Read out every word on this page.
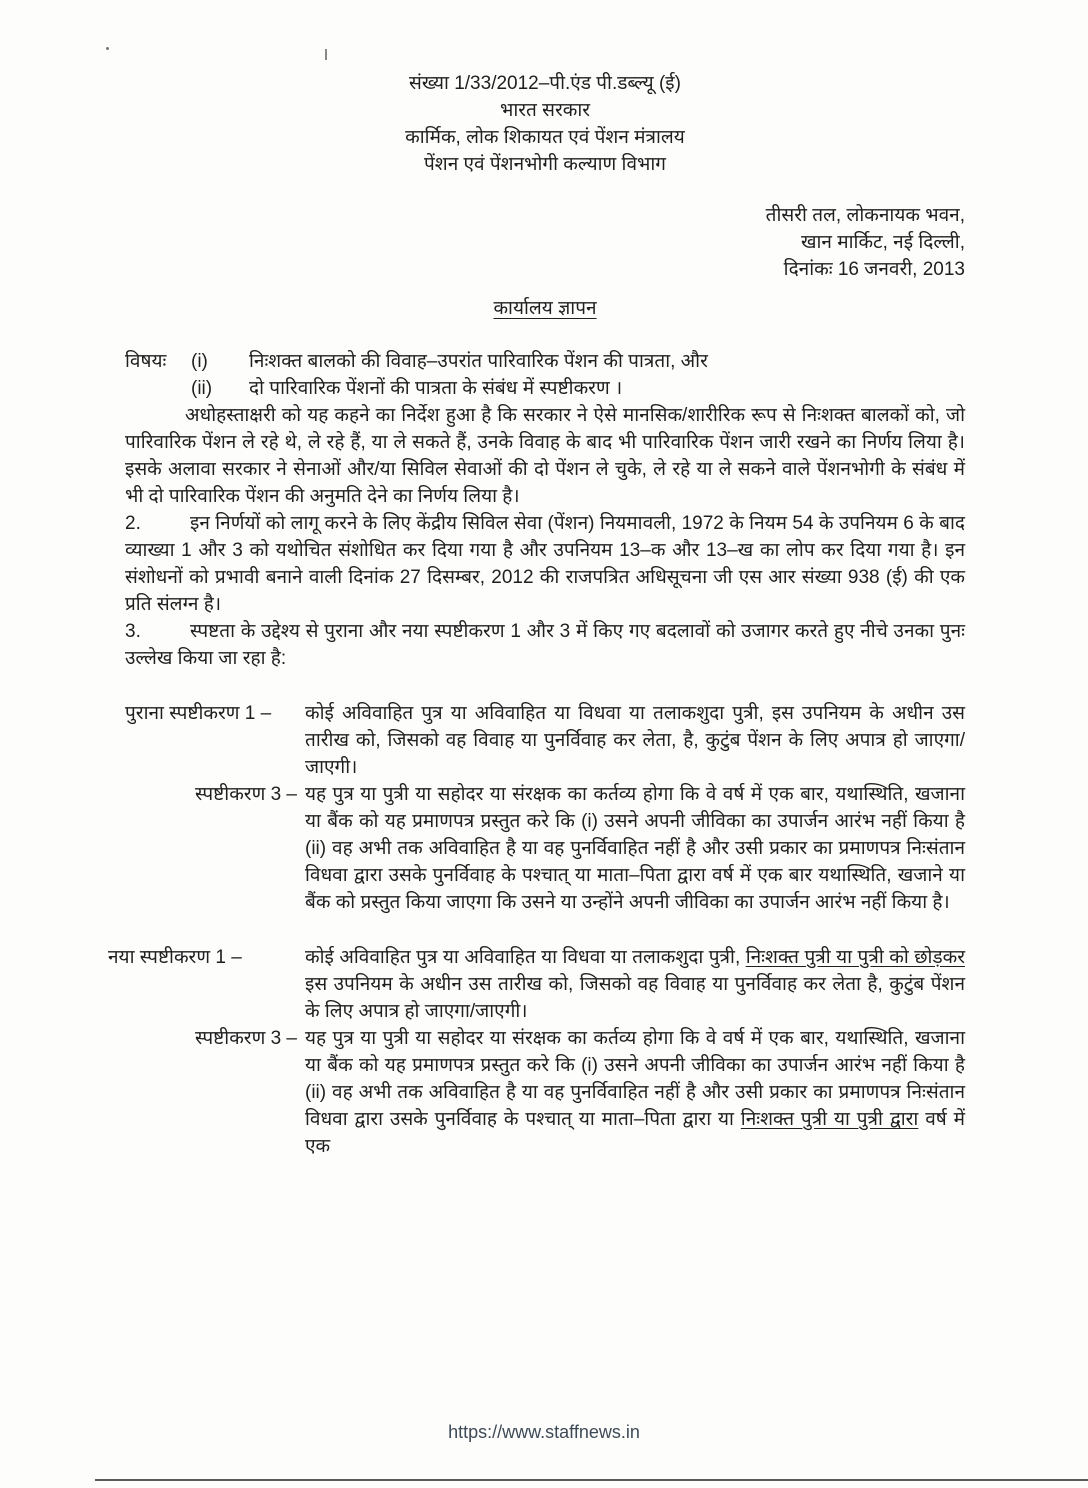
संख्या 1/33/2012–पी.एंड पी.डब्ल्यू (ई)
भारत सरकार
कार्मिक, लोक शिकायत एवं पेंशन मंत्रालय
पेंशन एवं पेंशनभोगी कल्याण विभाग
तीसरी तल, लोकनायक भवन,
खान मार्किट, नई दिल्ली,
दिनांकः 16 जनवरी, 2013
कार्यालय ज्ञापन
विषयः	(i)	निःशक्त बालको की विवाह–उपरांत पारिवारिक पेंशन की पात्रता, और
(ii)	दो पारिवारिक पेंशनों की पात्रता के संबंध में स्पष्टीकरण ।

अधोहस्ताक्षरी को यह कहने का निर्देश हुआ है कि सरकार ने ऐसे मानसिक/शारीरिक रूप से निःशक्त बालकों को, जो पारिवारिक पेंशन ले रहे थे, ले रहे हैं, या ले सकते हैं, उनके विवाह के बाद भी पारिवारिक पेंशन जारी रखने का निर्णय लिया है। इसके अलावा सरकार ने सेनाओं और/या सिविल सेवाओं की दो पेंशन ले चुके, ले रहे या ले सकने वाले पेंशनभोगी के संबंध में भी दो पारिवारिक पेंशन की अनुमति देने का निर्णय लिया है।

2.	इन निर्णयों को लागू करने के लिए केंद्रीय सिविल सेवा (पेंशन) नियमावली, 1972 के नियम 54 के उपनियम 6 के बाद व्याख्या 1 और 3 को यथोचित संशोधित कर दिया गया है और उपनियम 13–क और 13–ख का लोप कर दिया गया है। इन संशोधनों को प्रभावी बनाने वाली दिनांक 27 दिसम्बर, 2012 की राजपत्रित अधिसूचना जी एस आर संख्या 938 (ई) की एक प्रति संलग्न है।

3.	स्पष्टता के उद्देश्य से पुराना और नया स्पष्टीकरण 1 और 3 में किए गए बदलावों को उजागर करते हुए नीचे उनका पुनः उल्लेख किया जा रहा है:

पुराना स्पष्टीकरण 1 – कोई अविवाहित पुत्र या अविवाहित या विधवा या तलाकशुदा पुत्री, इस उपनियम के अधीन उस तारीख को, जिसको वह विवाह या पुनर्विवाह कर लेता, है, कुटुंब पेंशन के लिए अपात्र हो जाएगा/जाएगी।
स्पष्टीकरण 3 – यह पुत्र या पुत्री या सहोदर या संरक्षक का कर्तव्य होगा कि वे वर्ष में एक बार, यथास्थिति, खजाना या बैंक को यह प्रमाणपत्र प्रस्तुत करे कि (i) उसने अपनी जीविका का उपार्जन आरंभ नहीं किया है (ii) वह अभी तक अविवाहित है या वह पुनर्विवाहित नहीं है और उसी प्रकार का प्रमाणपत्र निःसंतान विधवा द्वारा उसके पुनर्विवाह के पश्चात् या माता–पिता द्वारा वर्ष में एक बार यथास्थिति, खजाने या बैंक को प्रस्तुत किया जाएगा कि उसने या उन्होंने अपनी जीविका का उपार्जन आरंभ नहीं किया है।
नया स्पष्टीकरण 1 –	कोई अविवाहित पुत्र या अविवाहित या विधवा या तलाकशुदा पुत्री, निःशक्त पुत्री या पुत्री को छोड़कर इस उपनियम के अधीन उस तारीख को, जिसको वह विवाह या पुनर्विवाह कर लेता है, कुटुंब पेंशन के लिए अपात्र हो जाएगा/जाएगी।
स्पष्टीकरण 3 – यह पुत्र या पुत्री या सहोदर या संरक्षक का कर्तव्य होगा कि वे वर्ष में एक बार, यथास्थिति, खजाना या बैंक को यह प्रमाणपत्र प्रस्तुत करे कि (i) उसने अपनी जीविका का उपार्जन आरंभ नहीं किया है (ii) वह अभी तक अविवाहित है या वह पुनर्विवाहित नहीं है और उसी प्रकार का प्रमाणपत्र निःसंतान विधवा द्वारा उसके पुनर्विवाह के पश्चात् या माता–पिता द्वारा या निःशक्त पुत्री या पुत्री द्वारा वर्ष में एक
https://www.staffnews.in
